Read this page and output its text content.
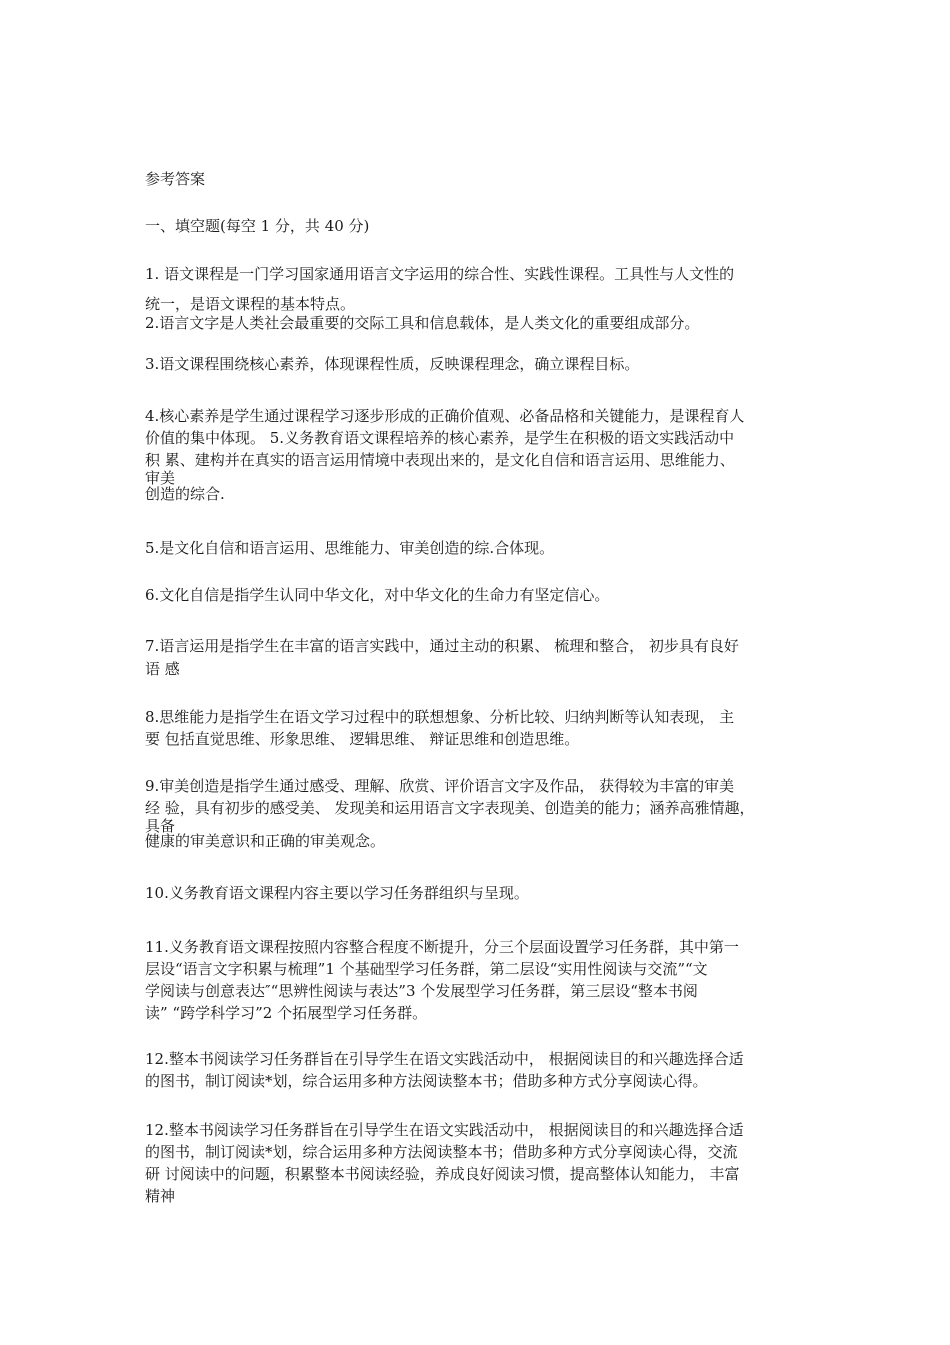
参考答案
一、填空题(每空 1 分，共 40 分)
1. 语文课程是一门学习国家通用语言文字运用的综合性、实践性课程。工具性与人文性的
统一，是语文课程的基本特点。
2.语言文字是人类社会最重要的交际工具和信息载体，是人类文化的重要组成部分。
3.语文课程围绕核心素养，体现课程性质，反映课程理念，确立课程目标。
4.核心素养是学生通过课程学习逐步形成的正确价值观、必备品格和关键能力，是课程育人
价值的集中体现。 5.义务教育语文课程培养的核心素养，是学生在积极的语文实践活动中
积 累、建构并在真实的语言运用情境中表现出来的，是文化自信和语言运用、思维能力、
审美
创造的综合.
5.是文化自信和语言运用、思维能力、审美创造的综.合体现。
6.文化自信是指学生认同中华文化，对中华文化的生命力有坚定信心。
7.语言运用是指学生在丰富的语言实践中，通过主动的积累、 梳理和整合， 初步具有良好
语 感
8.思维能力是指学生在语文学习过程中的联想想象、分析比较、归纳判断等认知表现， 主
要 包括直觉思维、形象思维、 逻辑思维、 辩证思维和创造思维。
9.审美创造是指学生通过感受、理解、欣赏、评价语言文字及作品， 获得较为丰富的审美
经 验，具有初步的感受美、 发现美和运用语言文字表现美、创造美的能力；涵养高雅情趣，
具备
健康的审美意识和正确的审美观念。
10.义务教育语文课程内容主要以学习任务群组织与呈现。
11.义务教育语文课程按照内容整合程度不断提升，分三个层面设置学习任务群，其中第一
层设“语言文字积累与梳理”1 个基础型学习任务群，第二层设“实用性阅读与交流”“文
学阅读与创意表达″“思辨性阅读与表达”3 个发展型学习任务群，第三层设“整本书阅
读” “跨学科学习”2 个拓展型学习任务群。
12.整本书阅读学习任务群旨在引导学生在语文实践活动中， 根据阅读目的和兴趣选择合适
的图书，制订阅读*划，综合运用多种方法阅读整本书；借助多种方式分享阅读心得。
12.整本书阅读学习任务群旨在引导学生在语文实践活动中， 根据阅读目的和兴趣选择合适
的图书，制订阅读*划，综合运用多种方法阅读整本书；借助多种方式分享阅读心得，交流
研 讨阅读中的问题，积累整本书阅读经验，养成良好阅读习惯，提高整体认知能力， 丰富
精神
